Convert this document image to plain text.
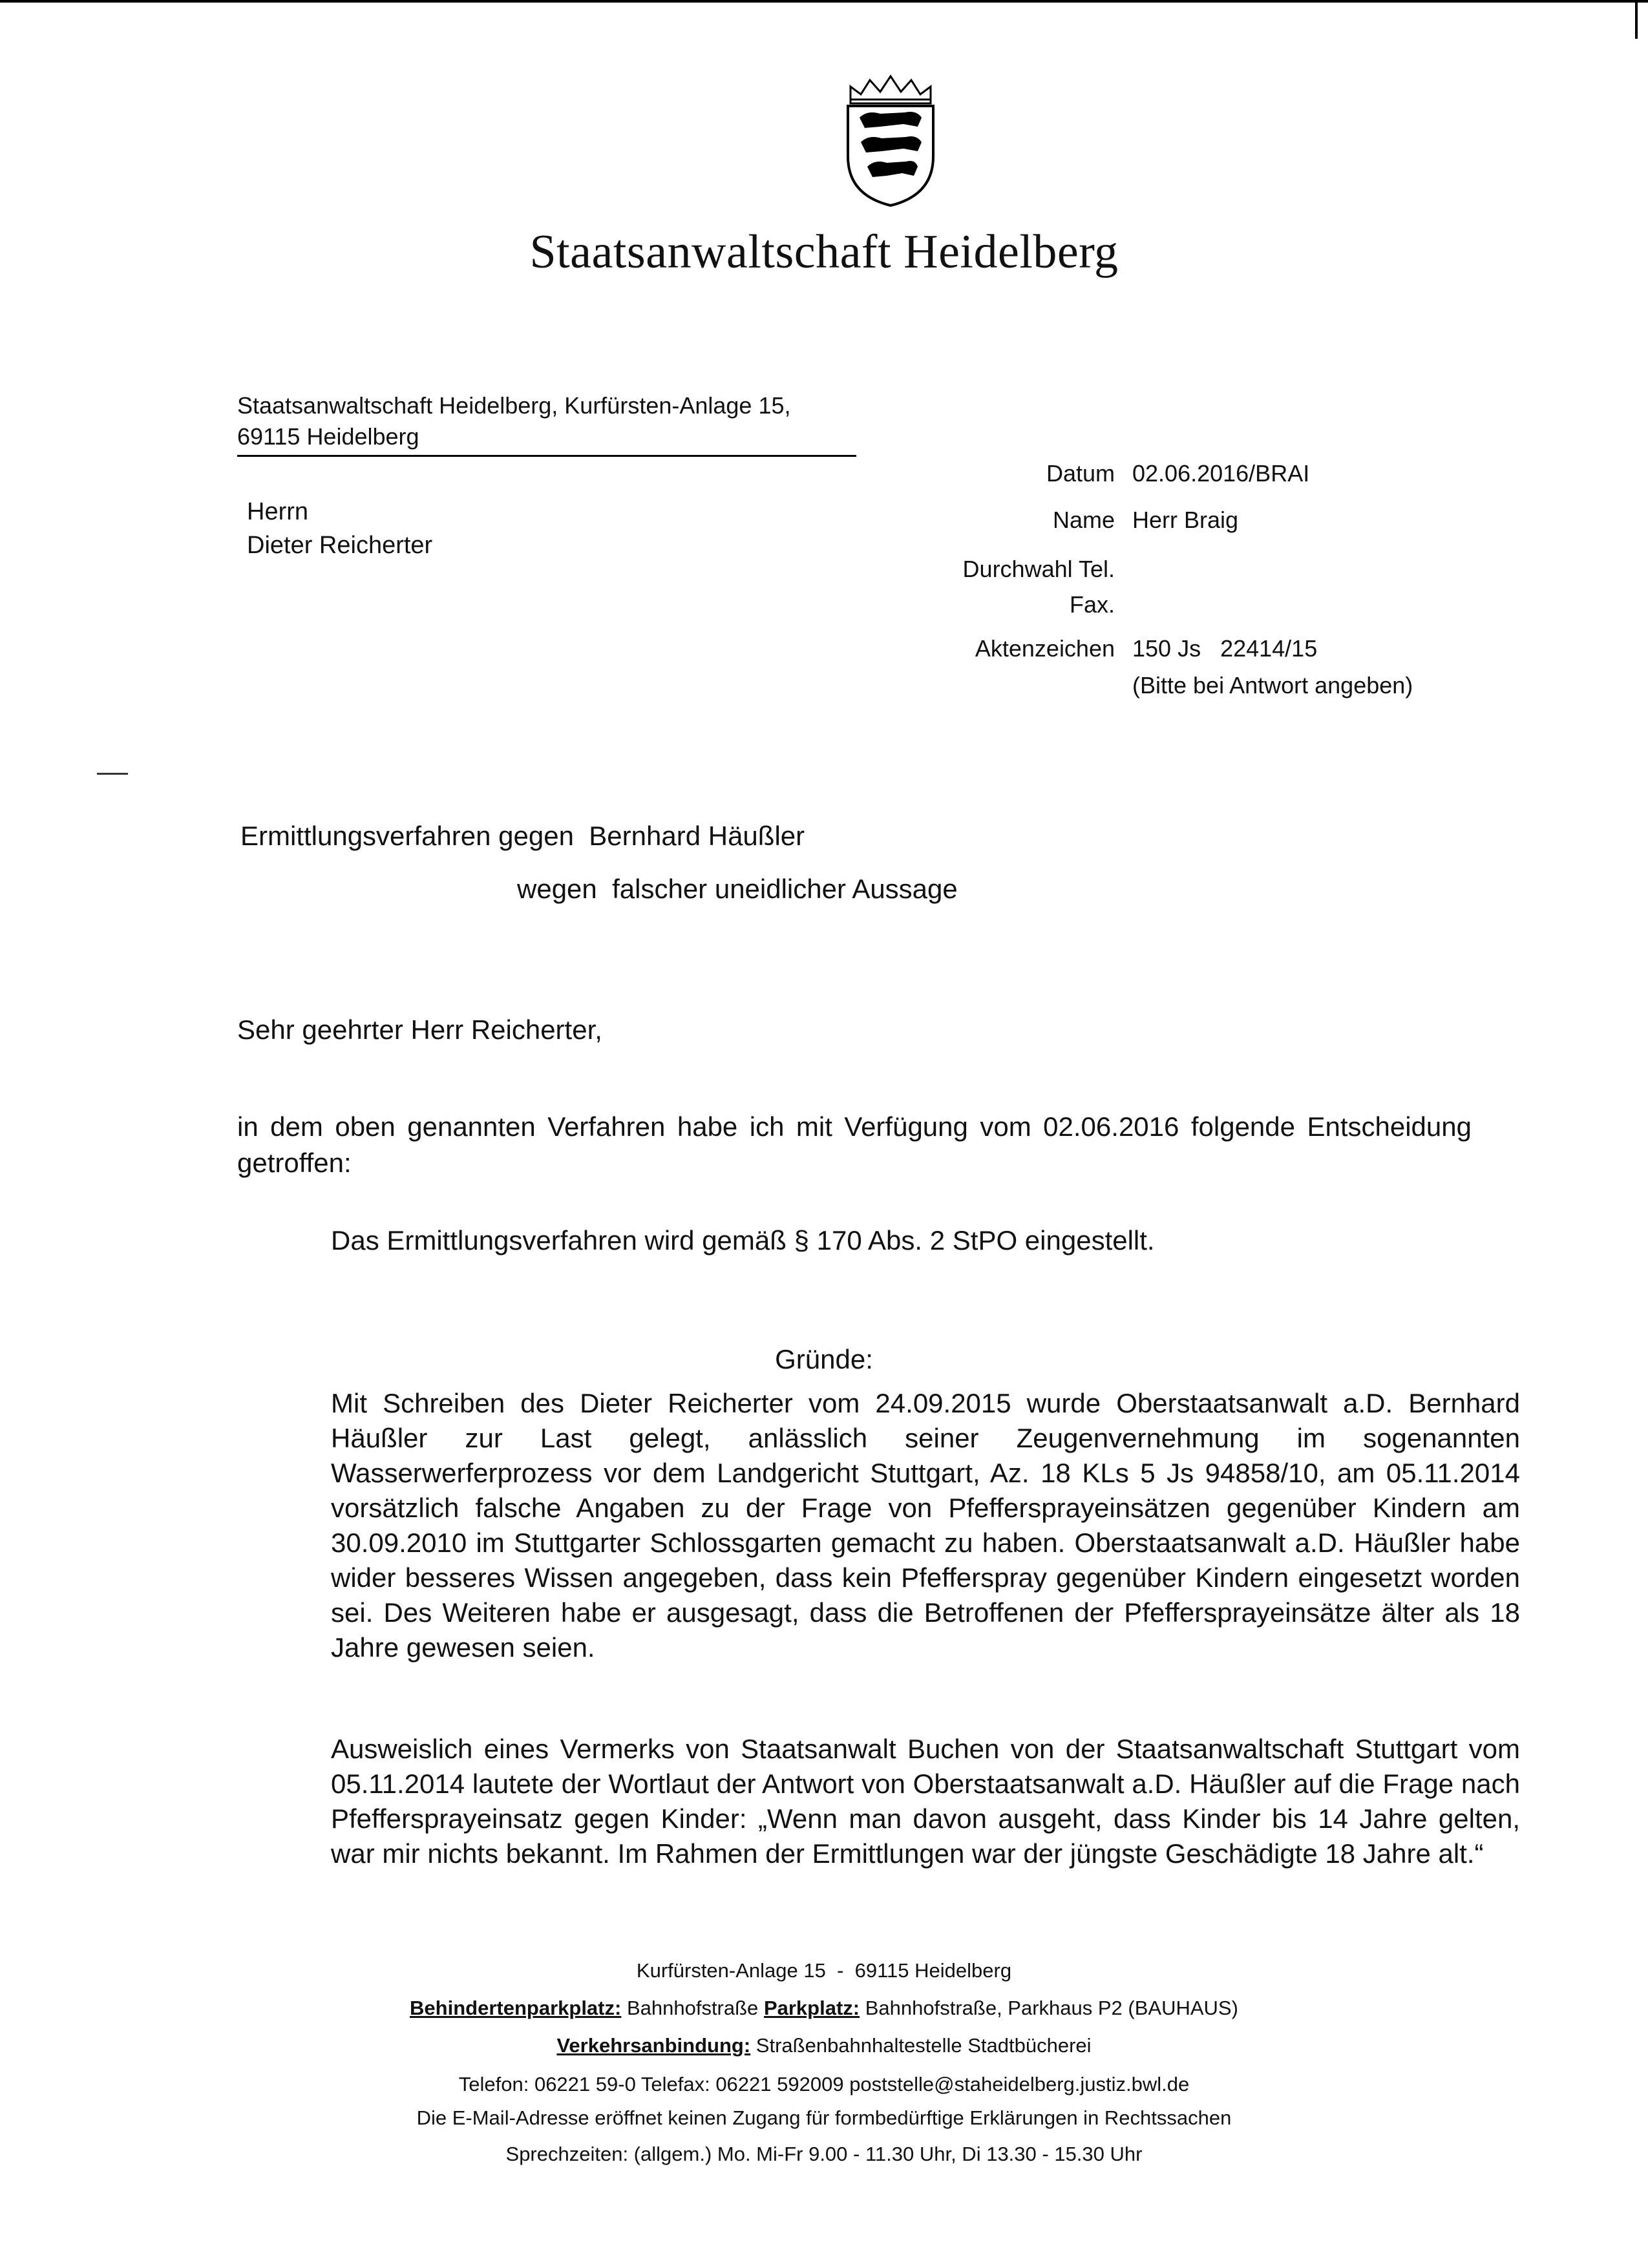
Staatsanwaltschaft Heidelberg
Staatsanwaltschaft Heidelberg, Kurfürsten-Anlage 15,
69115 Heidelberg
Herrn
Dieter Reicherter
Datum 02.06.2016/BRAI
Name Herr Braig
Durchwahl Tel.
Fax.
Aktenzeichen 150 Js   22414/15
(Bitte bei Antwort angeben)
Ermittlungsverfahren gegen  Bernhard Häußler
wegen  falscher uneidlicher Aussage
Sehr geehrter Herr Reicherter,
in dem oben genannten Verfahren habe ich mit Verfügung vom 02.06.2016 folgende Entscheidung getroffen:
Das Ermittlungsverfahren wird gemäß § 170 Abs. 2 StPO eingestellt.
Gründe:
Mit Schreiben des Dieter Reicherter vom 24.09.2015 wurde Oberstaatsanwalt a.D. Bernhard Häußler zur Last gelegt, anlässlich seiner Zeugenvernehmung im sogenannten Wasserwerferprozess vor dem Landgericht Stuttgart, Az. 18 KLs 5 Js 94858/10, am 05.11.2014 vorsätzlich falsche Angaben zu der Frage von Pfeffersprayeinsätzen gegenüber Kindern am 30.09.2010 im Stuttgarter Schlossgarten gemacht zu haben. Oberstaatsanwalt a.D. Häußler habe wider besseres Wissen angegeben, dass kein Pfefferspray gegenüber Kindern eingesetzt worden sei. Des Weiteren habe er ausgesagt, dass die Betroffenen der Pfeffersprayeinsätze älter als 18 Jahre gewesen seien.
Ausweislich eines Vermerks von Staatsanwalt Buchen von der Staatsanwaltschaft Stuttgart vom 05.11.2014 lautete der Wortlaut der Antwort von Oberstaatsanwalt a.D. Häußler auf die Frage nach Pfeffersprayeinsatz gegen Kinder: „Wenn man davon ausgeht, dass Kinder bis 14 Jahre gelten, war mir nichts bekannt. Im Rahmen der Ermittlungen war der jüngste Geschädigte 18 Jahre alt.“
Kurfürsten-Anlage 15  -  69115 Heidelberg
Behindertenparkplatz: Bahnhofstraße Parkplatz: Bahnhofstraße, Parkhaus P2 (BAUHAUS)
Verkehrsanbindung: Straßenbahnhaltestelle Stadtbücherei
Telefon: 06221 59-0 Telefax: 06221 592009 poststelle@staheidelberg.justiz.bwl.de
Die E-Mail-Adresse eröffnet keinen Zugang für formbedürftige Erklärungen in Rechtssachen
Sprechzeiten: (allgem.) Mo. Mi-Fr 9.00 - 11.30 Uhr, Di 13.30 - 15.30 Uhr
